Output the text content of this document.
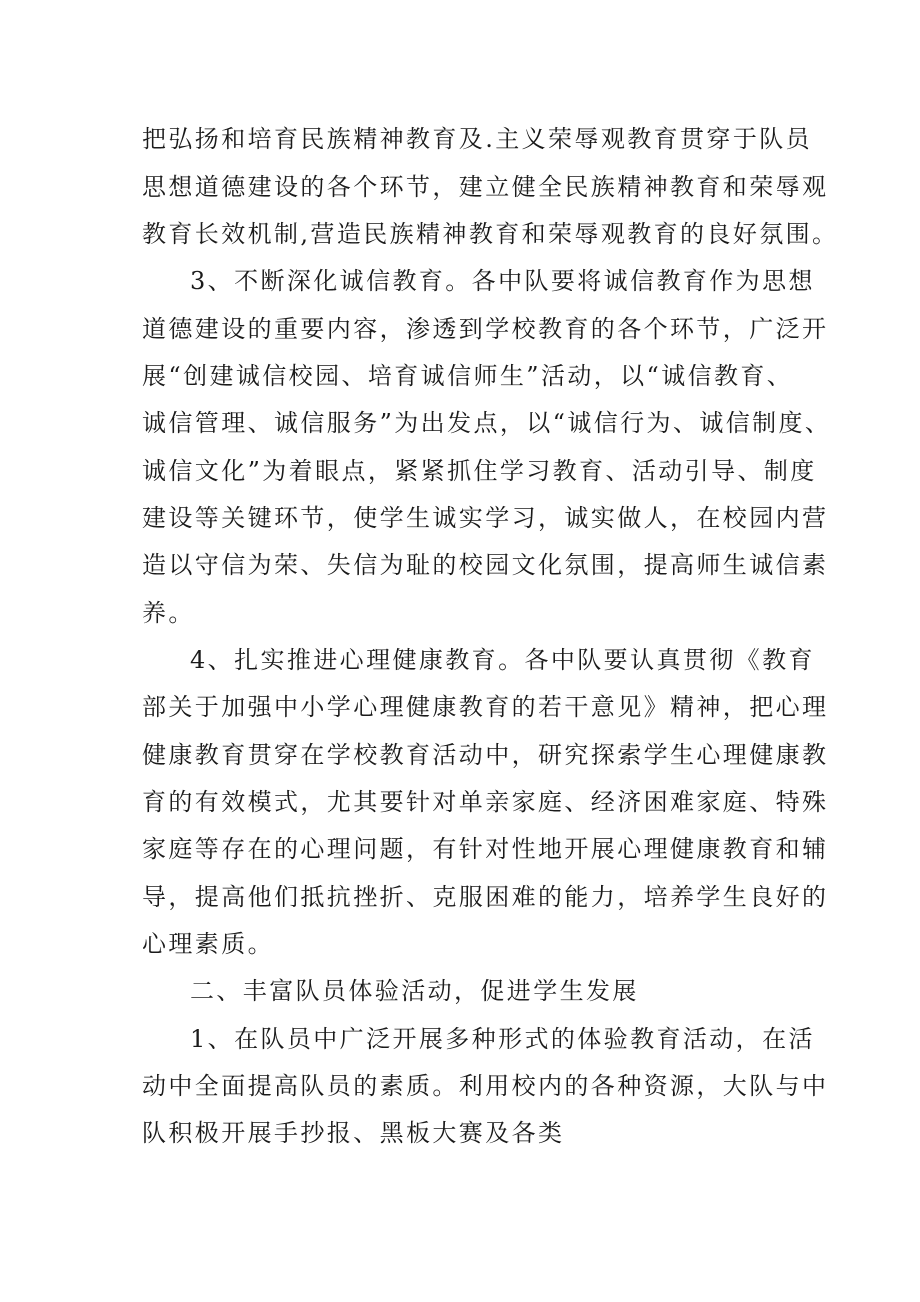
把弘扬和培育民族精神教育及.主义荣辱观教育贯穿于队员
思想道德建设的各个环节，建立健全民族精神教育和荣辱观
教育长效机制,营造民族精神教育和荣辱观教育的良好氛围。
3、不断深化诚信教育。各中队要将诚信教育作为思想
道德建设的重要内容，渗透到学校教育的各个环节，广泛开
展“创建诚信校园、培育诚信师生”活动，以“诚信教育、
诚信管理、诚信服务”为出发点，以“诚信行为、诚信制度、
诚信文化”为着眼点，紧紧抓住学习教育、活动引导、制度
建设等关键环节，使学生诚实学习，诚实做人，在校园内营
造以守信为荣、失信为耻的校园文化氛围，提高师生诚信素
养。
4、扎实推进心理健康教育。各中队要认真贯彻《教育
部关于加强中小学心理健康教育的若干意见》精神，把心理
健康教育贯穿在学校教育活动中，研究探索学生心理健康教
育的有效模式，尤其要针对单亲家庭、经济困难家庭、特殊
家庭等存在的心理问题，有针对性地开展心理健康教育和辅
导，提高他们抵抗挫折、克服困难的能力，培养学生良好的
心理素质。
二、丰富队员体验活动，促进学生发展
1、在队员中广泛开展多种形式的体验教育活动，在活
动中全面提高队员的素质。利用校内的各种资源，大队与中
队积极开展手抄报、黑板大赛及各类
